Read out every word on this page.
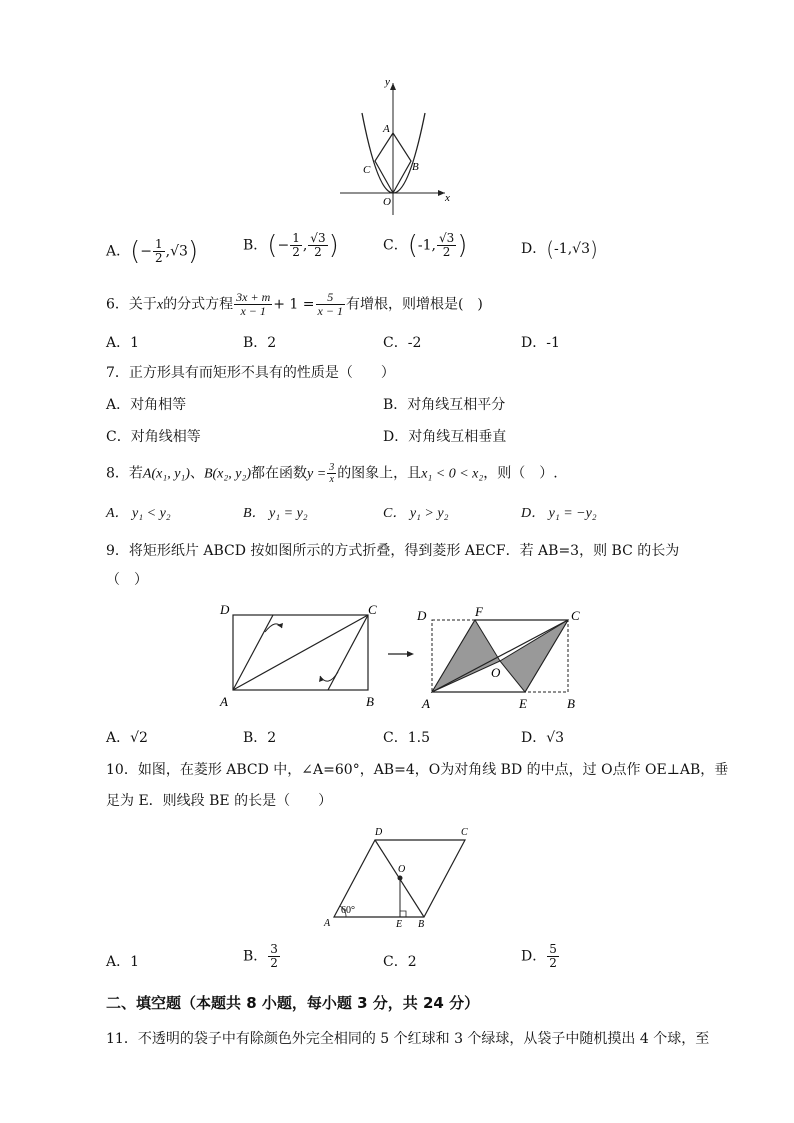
y
x
A
B
C
O
A．(− $\frac{1}{2} ,√3$)	B．(− $\frac{1}{2}$ , $\frac{√3}{2}$ )	C．(-1, $\frac{√3}{2}$ )	D．(-1,√3)
6．关于x的分式方程 $\frac{3x + m}{x - 1} + 1 = \frac{5}{x - 1}$ 有增根，则增根是(　)
A．1	B．2	C．-2	D．-1
7．正方形具有而矩形不具有的性质是（　　）
A．对角相等	B．对角线互相平分
C．对角线相等	D．对角线互相垂直
8．若A(x₁, y₁)、B(x₂, y₂)都在函数$y = \frac{3}{x}$ 的图象上，且x₁ < 0 < x₂，则（　）.
A． y₁ < y₂	B． y₁ = y₂	C． y₁ > y₂	D． y₁ = −y₂
9．将矩形纸片 ABCD 按如图所示的方式折叠，得到菱形 AECF．若 AB=3，则 BC 的长为
（　）
D	C
A	B
D	F	C
O
A	E	B
A．√2	B．2	C．1.5	D．√3
10．如图，在菱形 ABCD 中，∠A=60°，AB=4，O为对角线 BD 的中点，过 O点作 OE⊥AB，垂
足为 E．则线段 BE 的长是（　　）
60°
D	C
O
A	E B
A．1	B． $\frac{3}{2}$	C．2	D． $\frac{5}{2}$
二、填空题（本题共 8 小题，每小题 3 分，共 24 分）
11．不透明的袋子中有除颜色外完全相同的 5 个红球和 3 个绿球，从袋子中随机摸出 4 个球，至
